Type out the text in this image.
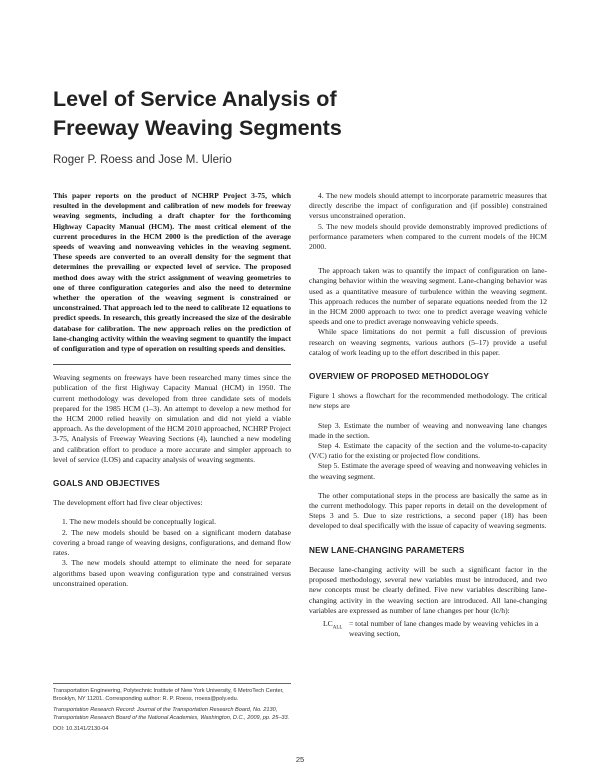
Level of Service Analysis of
Freeway Weaving Segments
Roger P. Roess and Jose M. Ulerio

This paper reports on the product of NCHRP Project 3-75, which resulted in the development and calibration of new models for freeway weaving segments, including a draft chapter for the forthcoming Highway Capacity Manual (HCM). The most critical element of the current procedures in the HCM 2000 is the prediction of the average speeds of weaving and nonweaving vehicles in the weaving segment. These speeds are converted to an overall density for the segment that determines the prevailing or expected level of service. The proposed method does away with the strict assignment of weaving geometries to one of three configuration categories and also the need to determine whether the operation of the weaving segment is constrained or unconstrained. That approach led to the need to calibrate 12 equations to predict speeds. In research, this greatly increased the size of the desirable database for calibration. The new approach relies on the prediction of lane-changing activity within the weaving segment to quantify the impact of configuration and type of operation on resulting speeds and densities.

Weaving segments on freeways have been researched many times since the publication of the first Highway Capacity Manual (HCM) in 1950. The current methodology was developed from three candidate sets of models prepared for the 1985 HCM (1–3). An attempt to develop a new method for the HCM 2000 relied heavily on simulation and did not yield a viable approach. As the development of the HCM 2010 approached, NCHRP Project 3-75, Analysis of Freeway Weaving Sections (4), launched a new modeling and calibration effort to produce a more accurate and simpler approach to level of service (LOS) and capacity analysis of weaving segments.

GOALS AND OBJECTIVES

The development effort had five clear objectives:

1. The new models should be conceptually logical.

2. The new models should be based on a significant modern database covering a broad range of weaving designs, configurations, and demand flow rates.

3. The new models should attempt to eliminate the need for separate algorithms based upon weaving configuration type and constrained versus unconstrained operation.

4. The new models should attempt to incorporate parametric measures that directly describe the impact of configuration and (if possible) constrained versus unconstrained operation.

5. The new models should provide demonstrably improved predictions of performance parameters when compared to the current models of the HCM 2000.

The approach taken was to quantify the impact of configuration on lane-changing behavior within the weaving segment. Lane-changing behavior was used as a quantitative measure of turbulence within the weaving segment. This approach reduces the number of separate equations needed from the 12 in the HCM 2000 approach to two: one to predict average weaving vehicle speeds and one to predict average nonweaving vehicle speeds.

While space limitations do not permit a full discussion of previous research on weaving segments, various authors (5–17) provide a useful catalog of work leading up to the effort described in this paper.

OVERVIEW OF PROPOSED METHODOLOGY

Figure 1 shows a flowchart for the recommended methodology. The critical new steps are

Step 3. Estimate the number of weaving and nonweaving lane changes made in the section.

Step 4. Estimate the capacity of the section and the volume-to-capacity (V/C) ratio for the existing or projected flow conditions.

Step 5. Estimate the average speed of weaving and nonweaving vehicles in the weaving segment.

The other computational steps in the process are basically the same as in the current methodology. This paper reports in detail on the development of Steps 3 and 5. Due to size restrictions, a second paper (18) has been developed to deal specifically with the issue of capacity of weaving segments.

NEW LANE-CHANGING PARAMETERS

Because lane-changing activity will be such a significant factor in the proposed methodology, several new variables must be introduced, and two new concepts must be clearly defined. Five new variables describing lane-changing activity in the weaving section are introduced. All lane-changing variables are expressed as number of lane changes per hour (lc/h):

$LC_{ALL}$
= total number of lane changes made by weaving vehicles in a weaving section,

Transportation Engineering, Polytechnic Institute of New York University, 6 MetroTech Center, Brooklyn, NY 11201. Corresponding author: R. P. Roess, rroess@poly.edu.

Transportation Research Record: Journal of the Transportation Research Board, No. 2130, Transportation Research Board of the National Academies, Washington, D.C., 2009, pp. 25–33.

DOI: 10.3141/2130-04

25
